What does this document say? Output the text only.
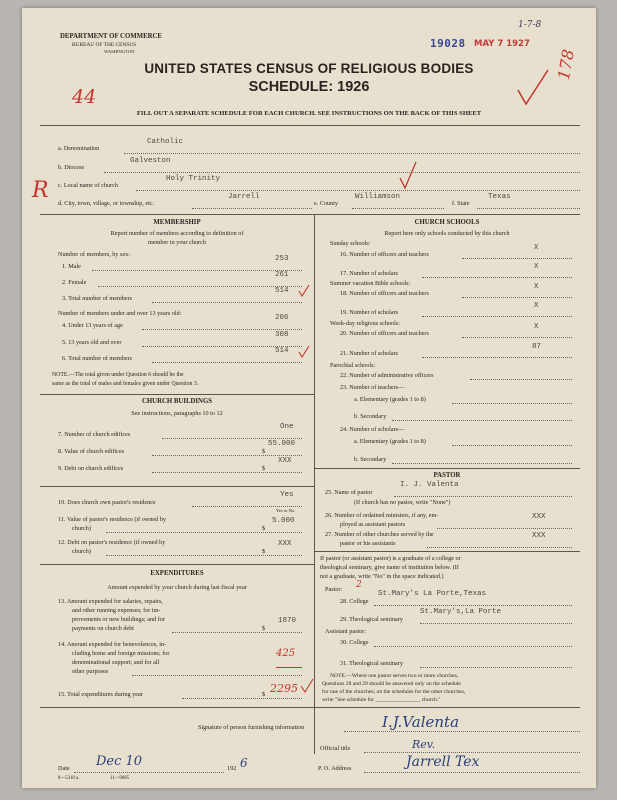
DEPARTMENT OF COMMERCE
BUREAU OF THE CENSUS
WASHINGTON
19028 MAY 7 1927
1-7-8
44
178
R
UNITED STATES CENSUS OF RELIGIOUS BODIES
SCHEDULE: 1926
FILL OUT A SEPARATE SCHEDULE FOR EACH CHURCH. SEE INSTRUCTIONS ON THE BACK OF THIS SHEET
a. Denomination
Catholic
b. Diocese
Galveston
c. Local name of church
Holy Trinity
d. City, town, village, or township, etc.
Jarrell
e. County
Williamson
f. State
Texas
MEMBERSHIP
Report number of members according to definition of
member in your church
Number of members, by sex:
1. Male
253
2. Female
261
3. Total number of members
514
Number of members under and over 13 years old:
4. Under 13 years of age
206
5. 13 years old and over
308
6. Total number of members
514
NOTE.—The total given under Question 6 should be the
same as the total of males and females given under Question 3.
CHURCH BUILDINGS
See instructions, paragraphs 10 to 12
7. Number of church edifices
One
8. Value of church edifices	$
55.000
9. Debt on church edifices	$
XXX
10. Does church own pastor's residence
Yes
Yes or No
11. Value of pastor's residence (if owned by
church)	$
5.000
12. Debt on pastor's residence (if owned by
church)	$
XXX
EXPENDITURES
Amount expended by your church during last fiscal year
13. Amount expended for salaries, repairs,
and other running expenses; for im-
provements or new buildings; and for
payments on church debt	$
1870
14. Amount expended for benevolences, in-
cluding home and foreign missions; for
denominational support; and for all
other purposes
425
15. Total expenditures during year	$ 2295
CHURCH SCHOOLS
Report here only schools conducted by this church
Sunday schools:
16. Number of officers and teachers
X
17. Number of scholars
X
Summer vacation Bible schools:
18. Number of officers and teachers
X
19. Number of scholars
X
Week-day religious schools:
20. Number of officers and teachers
X
21. Number of scholars
87
Parochial schools:
22. Number of administrative officers
23. Number of teachers—
a. Elementary (grades 1 to 8)
b. Secondary
24. Number of scholars—
a. Elementary (grades 1 to 8)
b. Secondary
PASTOR
25. Name of pastor
I. J. Valenta
(If church has no pastor, write "None")
26. Number of ordained ministers, if any, em-
ployed as assistant pastors
XXX
27. Number of other churches served by the
pastor or his assistants
XXX
If pastor (or assistant pastor) is a graduate of a college or
theological seminary, give name of institution below. (If
not a graduate, write "No" in the space indicated.)
Pastor: 2
28. College
St.Mary's La Porte,Texas
29. Theological seminary
St.Mary's,La Porte
Assistant pastor:
30. College
31. Theological seminary
NOTE.—Where one pastor serves two or more churches,
Questions 28 and 29 should be answered only on the schedule
for one of the churches; on the schedules for the other churches,
write "See schedule for ________________ church."
Signature of person furnishing information	I.J.Valenta
Official title	Rev.
Date Dec 10	192 6	P. O. Address	Jarrell Tex
8—5318 a.	11—9685
